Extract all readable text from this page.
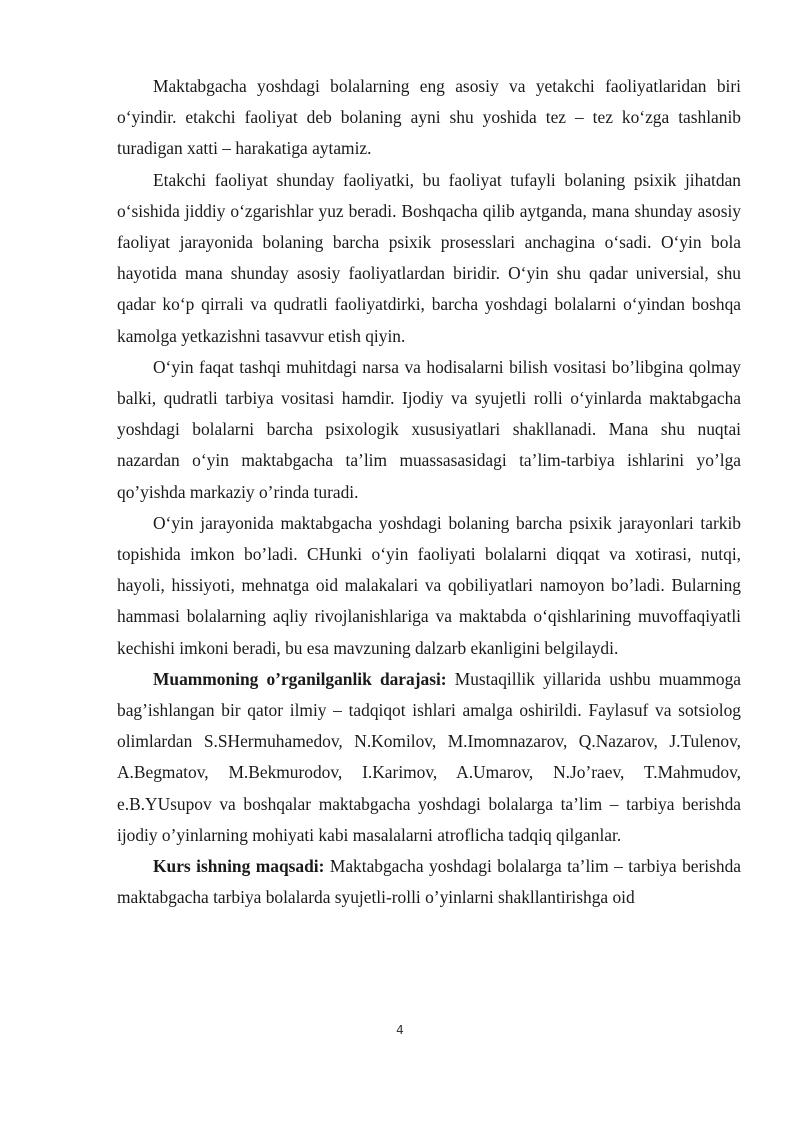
Maktabgacha yoshdagi bolalarning eng asosiy va yetakchi faoliyatlaridan biri o‘yindir. etakchi faoliyat deb bolaning ayni shu yoshida tez – tez ko‘zga tashlanib turadigan xatti – harakatiga aytamiz.

Etakchi faoliyat shunday faoliyatki, bu faoliyat tufayli bolaning psixik jihatdan o‘sishida jiddiy o‘zgarishlar yuz beradi. Boshqacha qilib aytganda, mana shunday asosiy faoliyat jarayonida bolaning barcha psixik prosesslari anchagina o‘sadi. O‘yin bola hayotida mana shunday asosiy faoliyatlardan biridir. O‘yin shu qadar universial, shu qadar ko‘p qirrali va qudratli faoliyatdirki, barcha yoshdagi bolalarni o‘yindan boshqa kamolga yetkazishni tasavvur etish qiyin.

O‘yin faqat tashqi muhitdagi narsa va hodisalarni bilish vositasi bo’libgina qolmay balki, qudratli tarbiya vositasi hamdir. Ijodiy va syujetli rolli o‘yinlarda maktabgacha yoshdagi bolalarni barcha psixologik xususiyatlari shakllanadi. Mana shu nuqtai nazardan o‘yin maktabgacha ta’lim muassasasidagi ta’lim-tarbiya ishlarini yo’lga qo’yishda markaziy o’rinda turadi.

O‘yin jarayonida maktabgacha yoshdagi bolaning barcha psixik jarayonlari tarkib topishida imkon bo’ladi. CHunki o‘yin faoliyati bolalarni diqqat va xotirasi, nutqi, hayoli, hissiyoti, mehnatga oid malakalari va qobiliyatlari namoyon bo’ladi. Bularning hammasi bolalarning aqliy rivojlanishlariga va maktabda o‘qishlarining muvoffaqiyatli kechishi imkoni beradi, bu esa mavzuning dalzarb ekanligini belgilaydi.

Muammoning o’rganilganlik darajasi: Mustaqillik yillarida ushbu muammoga bag’ishlangan bir qator ilmiy – tadqiqot ishlari amalga oshirildi. Faylasuf va sotsiolog olimlardan S.SHermuhamedov, N.Komilov, M.Imomnazarov, Q.Nazarov, J.Tulenov, A.Begmatov, M.Bekmurodov, I.Karimov, A.Umarov, N.Jo’raev, T.Mahmudov, e.B.YUsupov va boshqalar maktabgacha yoshdagi bolalarga ta’lim – tarbiya berishda ijodiy o’yinlarning mohiyati kabi masalalarni atroflicha tadqiq qilganlar.

Kurs ishning maqsadi: Maktabgacha yoshdagi bolalarga ta’lim – tarbiya berishda maktabgacha tarbiya bolalarda syujetli-rolli o’yinlarni shakllantirishga oid

4
